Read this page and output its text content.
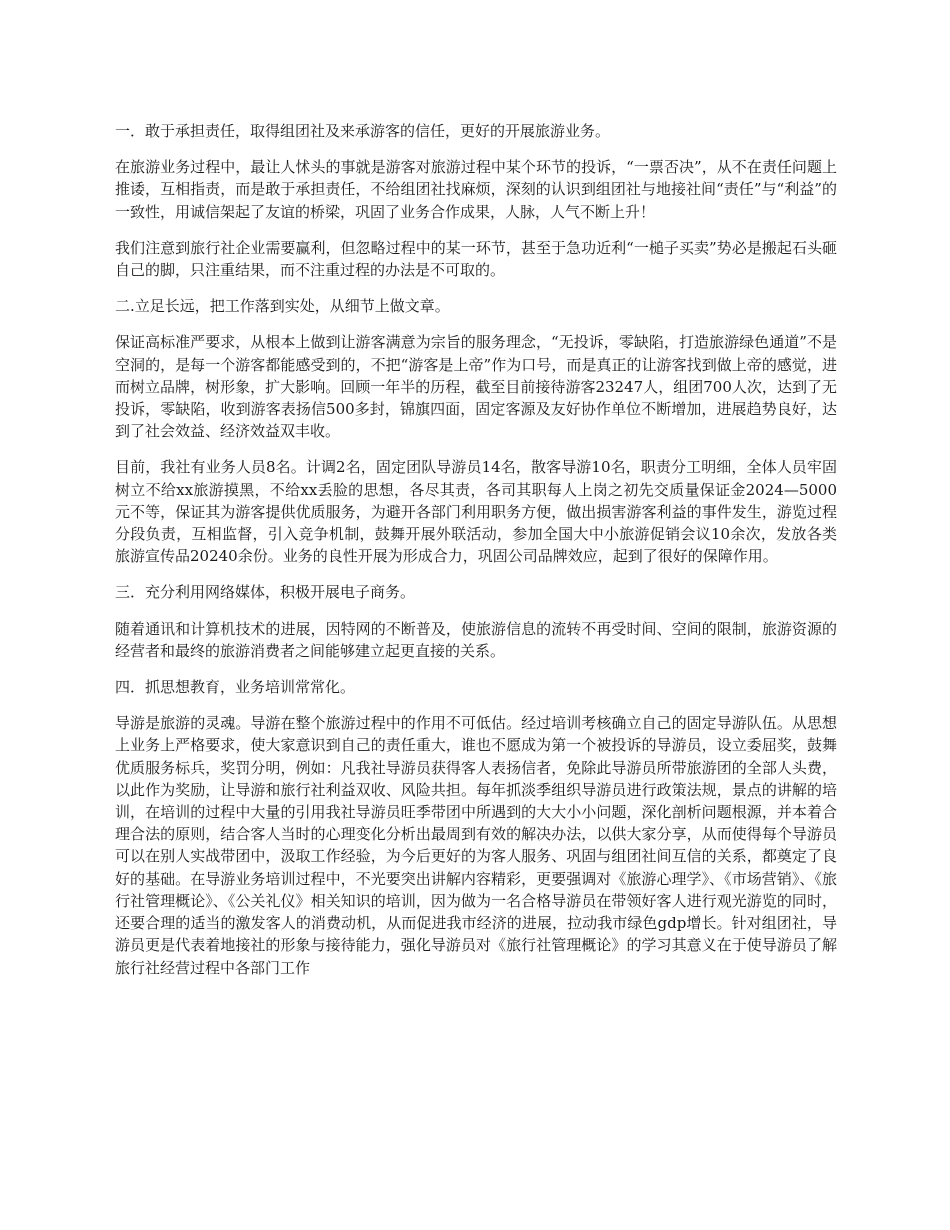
一．敢于承担责任，取得组团社及来承游客的信任，更好的开展旅游业务。

在旅游业务过程中，最让人怵头的事就是游客对旅游过程中某个环节的投诉，“一票否决”，从不在责任问题上推诿，互相指责，而是敢于承担责任，不给组团社找麻烦，深刻的认识到组团社与地接社间“责任”与“利益”的一致性，用诚信架起了友谊的桥梁，巩固了业务合作成果，人脉，人气不断上升！

我们注意到旅行社企业需要赢利，但忽略过程中的某一环节，甚至于急功近利“一槌子买卖”势必是搬起石头砸自己的脚，只注重结果，而不注重过程的办法是不可取的。

二.立足长远，把工作落到实处，从细节上做文章。

保证高标准严要求，从根本上做到让游客满意为宗旨的服务理念，“无投诉，零缺陷，打造旅游绿色通道”不是空洞的，是每一个游客都能感受到的，不把“游客是上帝”作为口号，而是真正的让游客找到做上帝的感觉，进而树立品牌，树形象，扩大影响。回顾一年半的历程，截至目前接待游客23247人，组团700人次，达到了无投诉，零缺陷，收到游客表扬信500多封，锦旗四面，固定客源及友好协作单位不断增加，进展趋势良好，达到了社会效益、经济效益双丰收。

目前，我社有业务人员8名。计调2名，固定团队导游员14名，散客导游10名，职责分工明细，全体人员牢固树立不给xx旅游摸黑，不给xx丢脸的思想，各尽其责，各司其职每人上岗之初先交质量保证金2024—5000元不等，保证其为游客提供优质服务，为避开各部门利用职务方便，做出损害游客利益的事件发生，游览过程分段负责，互相监督，引入竞争机制，鼓舞开展外联活动，参加全国大中小旅游促销会议10余次，发放各类旅游宣传品20240余份。业务的良性开展为形成合力，巩固公司品牌效应，起到了很好的保障作用。

三．充分利用网络媒体，积极开展电子商务。

随着通讯和计算机技术的进展，因特网的不断普及，使旅游信息的流转不再受时间、空间的限制，旅游资源的经营者和最终的旅游消费者之间能够建立起更直接的关系。

四．抓思想教育，业务培训常常化。

导游是旅游的灵魂。导游在整个旅游过程中的作用不可低估。经过培训考核确立自己的固定导游队伍。从思想上业务上严格要求，使大家意识到自己的责任重大，谁也不愿成为第一个被投诉的导游员，设立委屈奖，鼓舞优质服务标兵，奖罚分明，例如：凡我社导游员获得客人表扬信者，免除此导游员所带旅游团的全部人头费，以此作为奖励，让导游和旅行社利益双收、风险共担。每年抓淡季组织导游员进行政策法规，景点的讲解的培训，在培训的过程中大量的引用我社导游员旺季带团中所遇到的大大小小问题，深化剖析问题根源，并本着合理合法的原则，结合客人当时的心理变化分析出最周到有效的解决办法，以供大家分享，从而使得每个导游员可以在别人实战带团中，汲取工作经验，为今后更好的为客人服务、巩固与组团社间互信的关系，都奠定了良好的基础。在导游业务培训过程中，不光要突出讲解内容精彩，更要强调对《旅游心理学》、《市场营销》、《旅行社管理概论》、《公关礼仪》相关知识的培训，因为做为一名合格导游员在带领好客人进行观光游览的同时，还要合理的适当的激发客人的消费动机，从而促进我市经济的进展，拉动我市绿色gdp增长。针对组团社，导游员更是代表着地接社的形象与接待能力，强化导游员对《旅行社管理概论》的学习其意义在于使导游员了解旅行社经营过程中各部门工作
